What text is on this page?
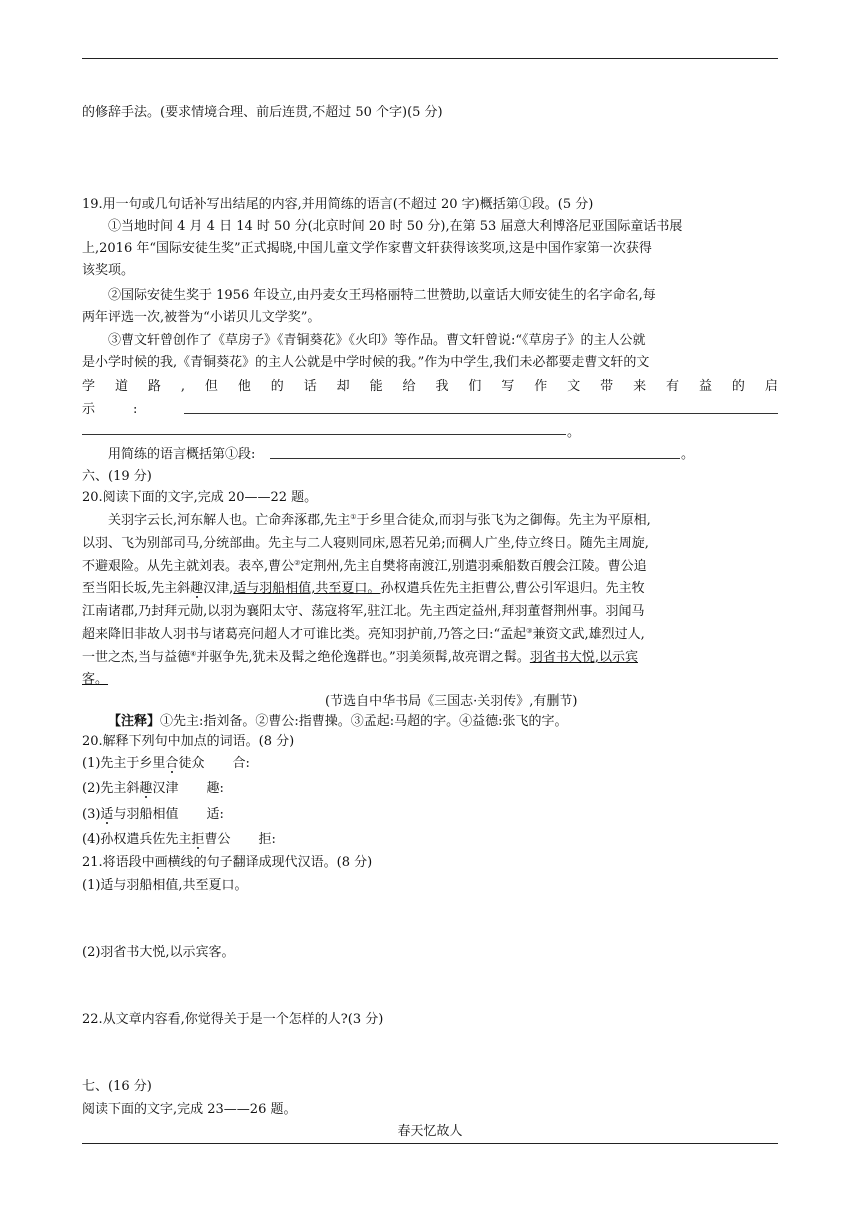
的修辞手法。(要求情境合理、前后连贯,不超过 50 个字)(5 分)
19.用一句或几句话补写出结尾的内容,并用简练的语言(不超过 20 字)概括第①段。(5 分)
①当地时间 4 月 4 日 14 时 50 分(北京时间 20 时 50 分),在第 53 届意大利博洛尼亚国际童话书展
上,2016 年“国际安徒生奖”正式揭晓,中国儿童文学作家曹文轩获得该奖项,这是中国作家第一次获得
该奖项。
②国际安徒生奖于 1956 年设立,由丹麦女王玛格丽特二世赞助,以童话大师安徒生的名字命名,每
两年评选一次,被誉为“小诺贝儿文学奖”。
③曹文轩曾创作了《草房子》《青铜葵花》《火印》等作品。曹文轩曾说:“《草房子》的主人公就
是小学时候的我,《青铜葵花》的主人公就是中学时候的我。”作为中学生,我们未必都要走曹文轩的文
学 道 路 , 但 他 的 话 却 能 给 我 们 写 作 文 带 来 有 益 的 启
示	:
。
用简练的语言概括第①段:	。
六、(19 分)
20.阅读下面的文字,完成 20——22 题。
关羽字云长,河东解人也。亡命奔涿郡,先主①于乡里合徒众,而羽与张飞为之御侮。先主为平原相,
以羽、飞为别部司马,分统部曲。先主与二人寝则同床,恩若兄弟;而稠人广坐,侍立终日。随先主周旋,
不避艰险。从先主就刘表。表卒,曹公②定荆州,先主自樊将南渡江,别遣羽乘船数百艘会江陵。曹公追
至当阳长坂,先主斜趣汉津,适与羽船相值,共至夏口。孙权遣兵佐先主拒曹公,曹公引军退归。先主牧
江南诸郡,乃封拜元勋,以羽为襄阳太守、荡寇将军,驻江北。先主西定益州,拜羽董督荆州事。羽闻马
超来降旧非故人羽书与诸葛亮问超人才可谁比类。亮知羽护前,乃答之曰:“孟起③兼资文武,雄烈过人,
一世之杰,当与益德④并驱争先,犹未及髯之绝伦逸群也。”羽美须髯,故亮谓之髯。羽省书大悦,以示宾
客。
(节选自中华书局《三国志·关羽传》,有删节)
【注释】①先主:指刘备。②曹公:指曹操。③孟起:马超的字。④益德:张飞的字。
20.解释下列句中加点的词语。(8 分)
(1)先主于乡里合徒众 合:
(2)先主斜趣汉津 趣:
(3)适与羽船相值 适:
(4)孙权遣兵佐先主拒曹公 拒:
21.将语段中画横线的句子翻译成现代汉语。(8 分)
(1)适与羽船相值,共至夏口。
(2)羽省书大悦,以示宾客。
22.从文章内容看,你觉得关于是一个怎样的人?(3 分)
七、(16 分)
阅读下面的文字,完成 23——26 题。
春天忆故人
